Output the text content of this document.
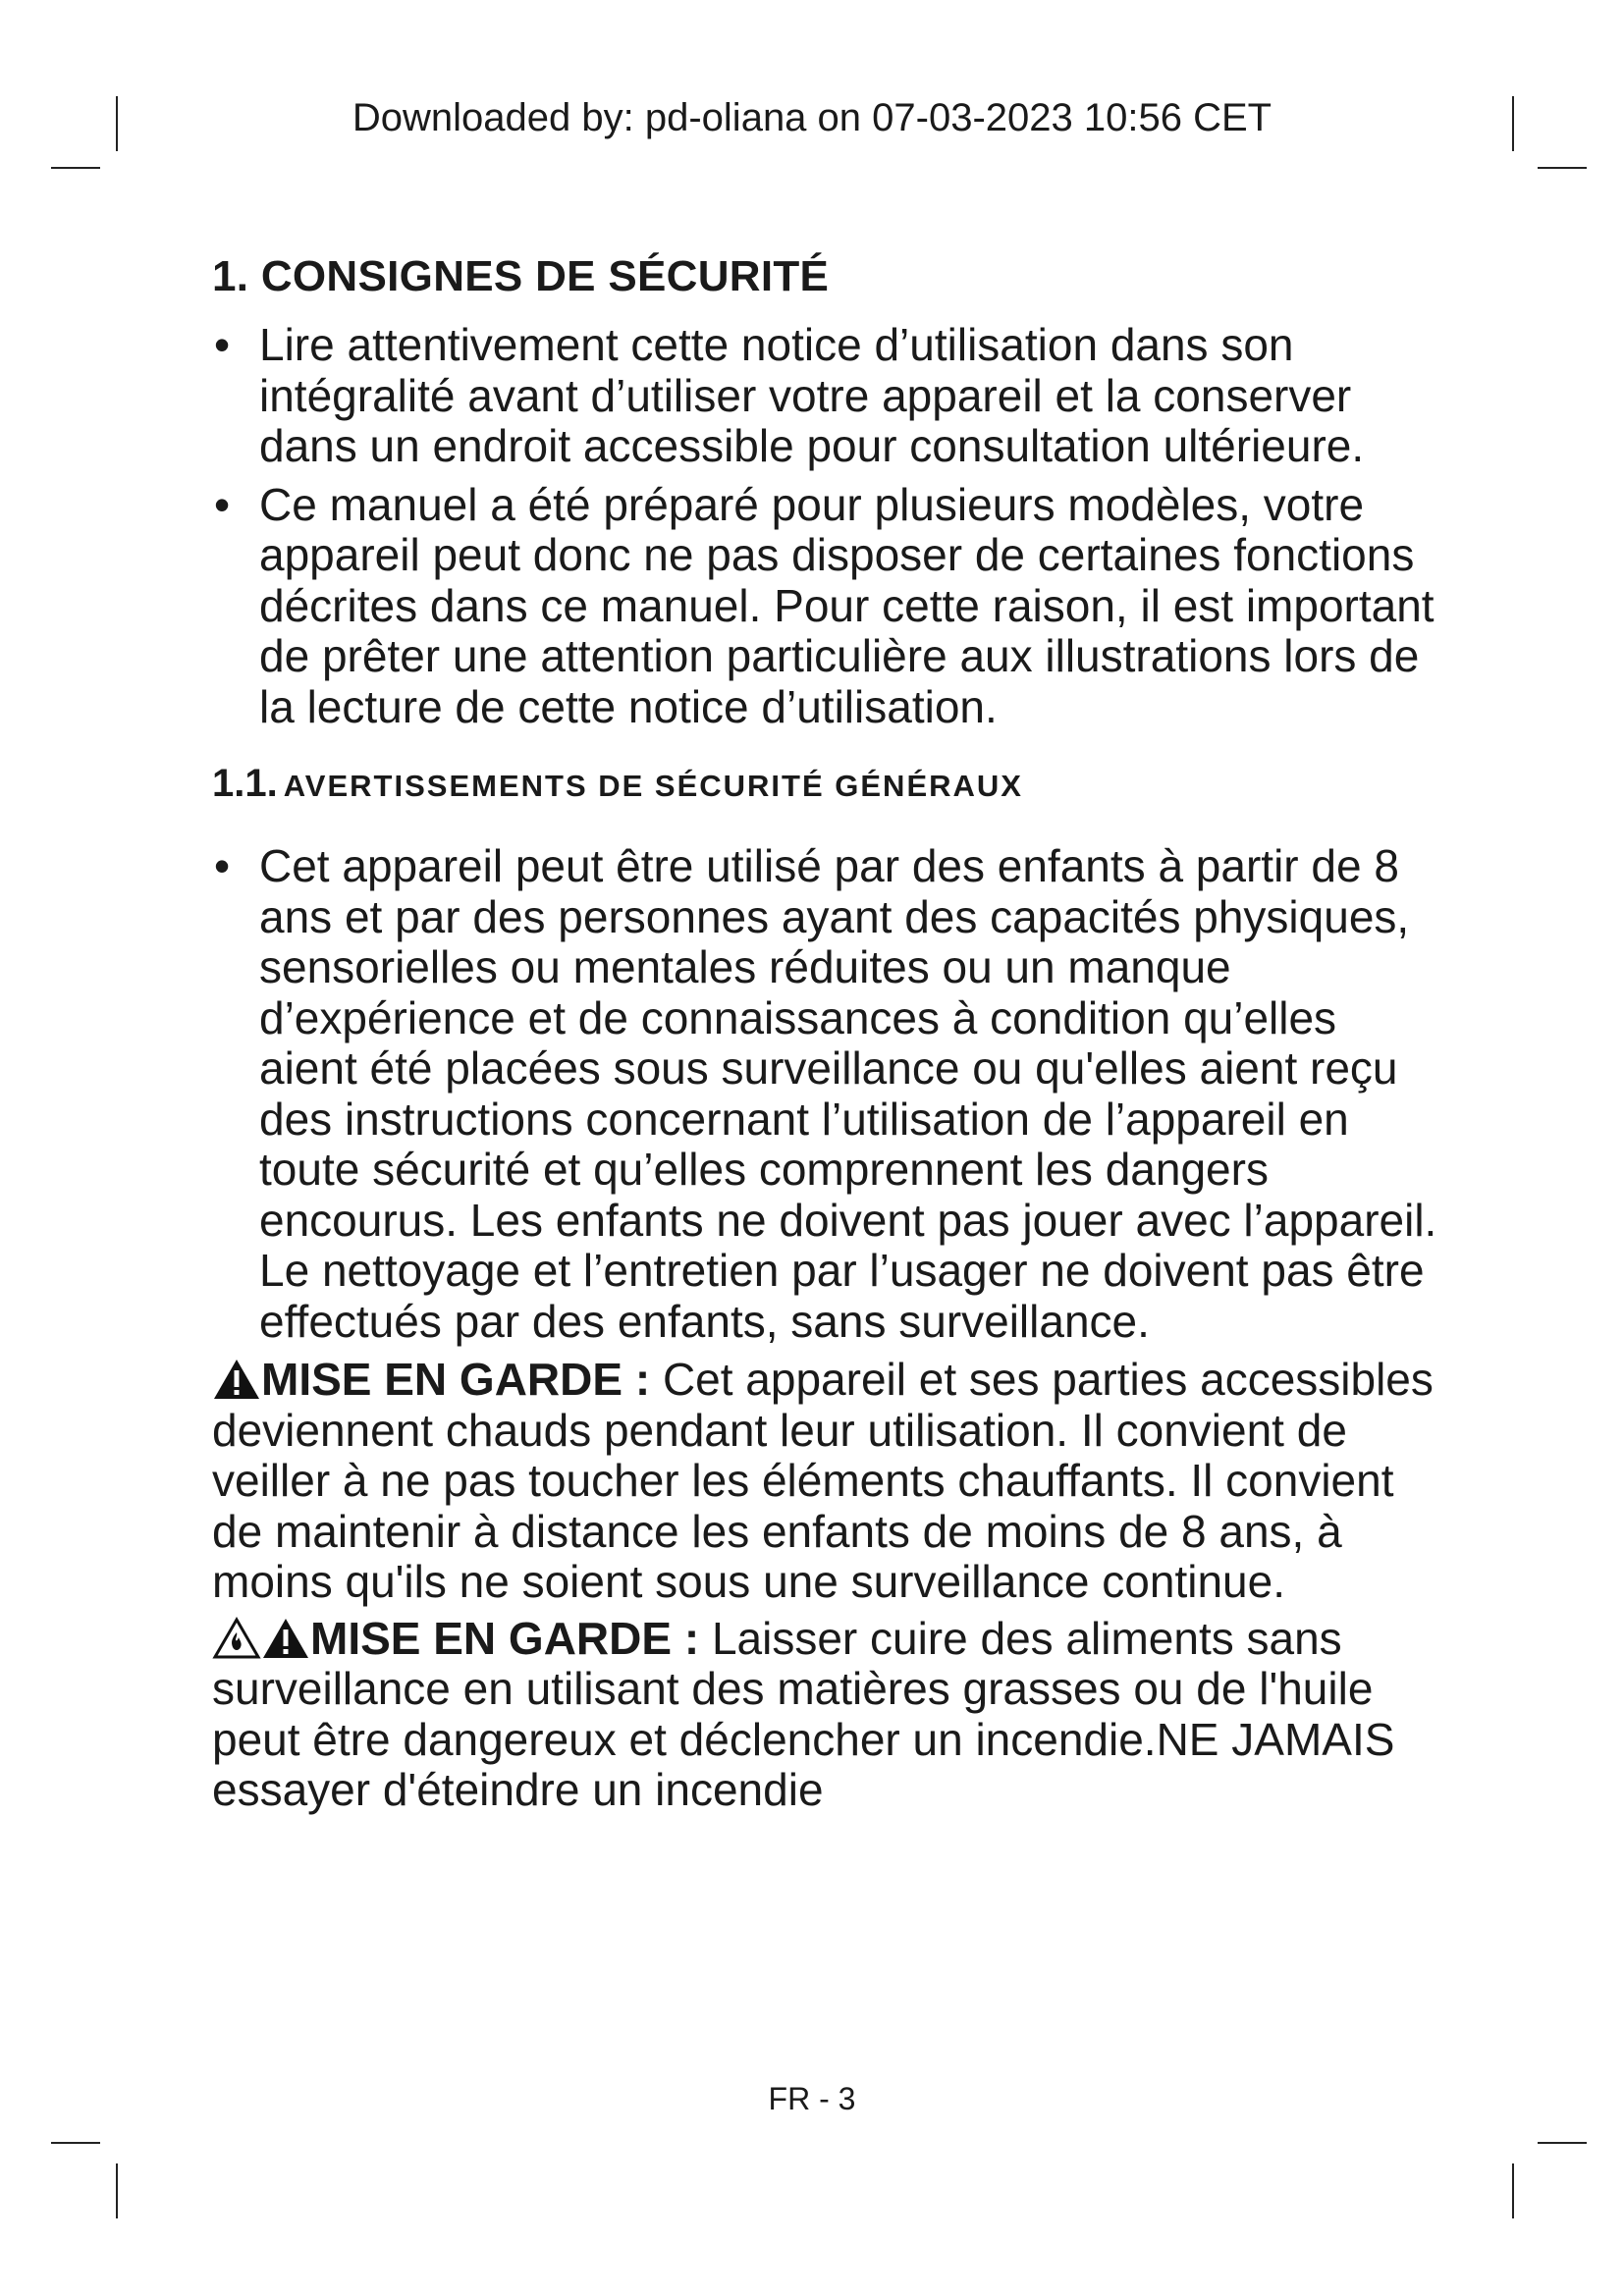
Downloaded by: pd-oliana on 07-03-2023 10:56 CET
1. CONSIGNES DE SÉCURITÉ
• Lire attentivement cette notice d’utilisation dans son intégralité avant d’utiliser votre appareil et la conserver dans un endroit accessible pour consultation ultérieure.
• Ce manuel a été préparé pour plusieurs modèles, votre appareil peut donc ne pas disposer de certaines fonctions décrites dans ce manuel. Pour cette raison, il est important de prêter une attention particulière aux illustrations lors de la lecture de cette notice d’utilisation.
1.1. AVERTISSEMENTS DE SÉCURITÉ GÉNÉRAUX
• Cet appareil peut être utilisé par des enfants à partir de 8 ans et par des personnes ayant des capacités physiques, sensorielles ou mentales réduites ou un manque d’expérience et de connaissances à condition qu’elles aient été placées sous surveillance ou qu'elles aient reçu des instructions concernant l’utilisation de l’appareil en toute sécurité et qu’elles comprennent les dangers encourus. Les enfants ne doivent pas jouer avec l’appareil. Le nettoyage et l’entretien par l’usager ne doivent pas être effectués par des enfants, sans surveillance.
MISE EN GARDE : Cet appareil et ses parties accessibles deviennent chauds pendant leur utilisation. Il convient de veiller à ne pas toucher les éléments chauffants. Il convient de maintenir à distance les enfants de moins de 8 ans, à moins qu'ils ne soient sous une surveillance continue.
MISE EN GARDE : Laisser cuire des aliments sans surveillance en utilisant des matières grasses ou de l'huile peut être dangereux et déclencher un incendie.NE JAMAIS essayer d'éteindre un incendie
FR - 3
